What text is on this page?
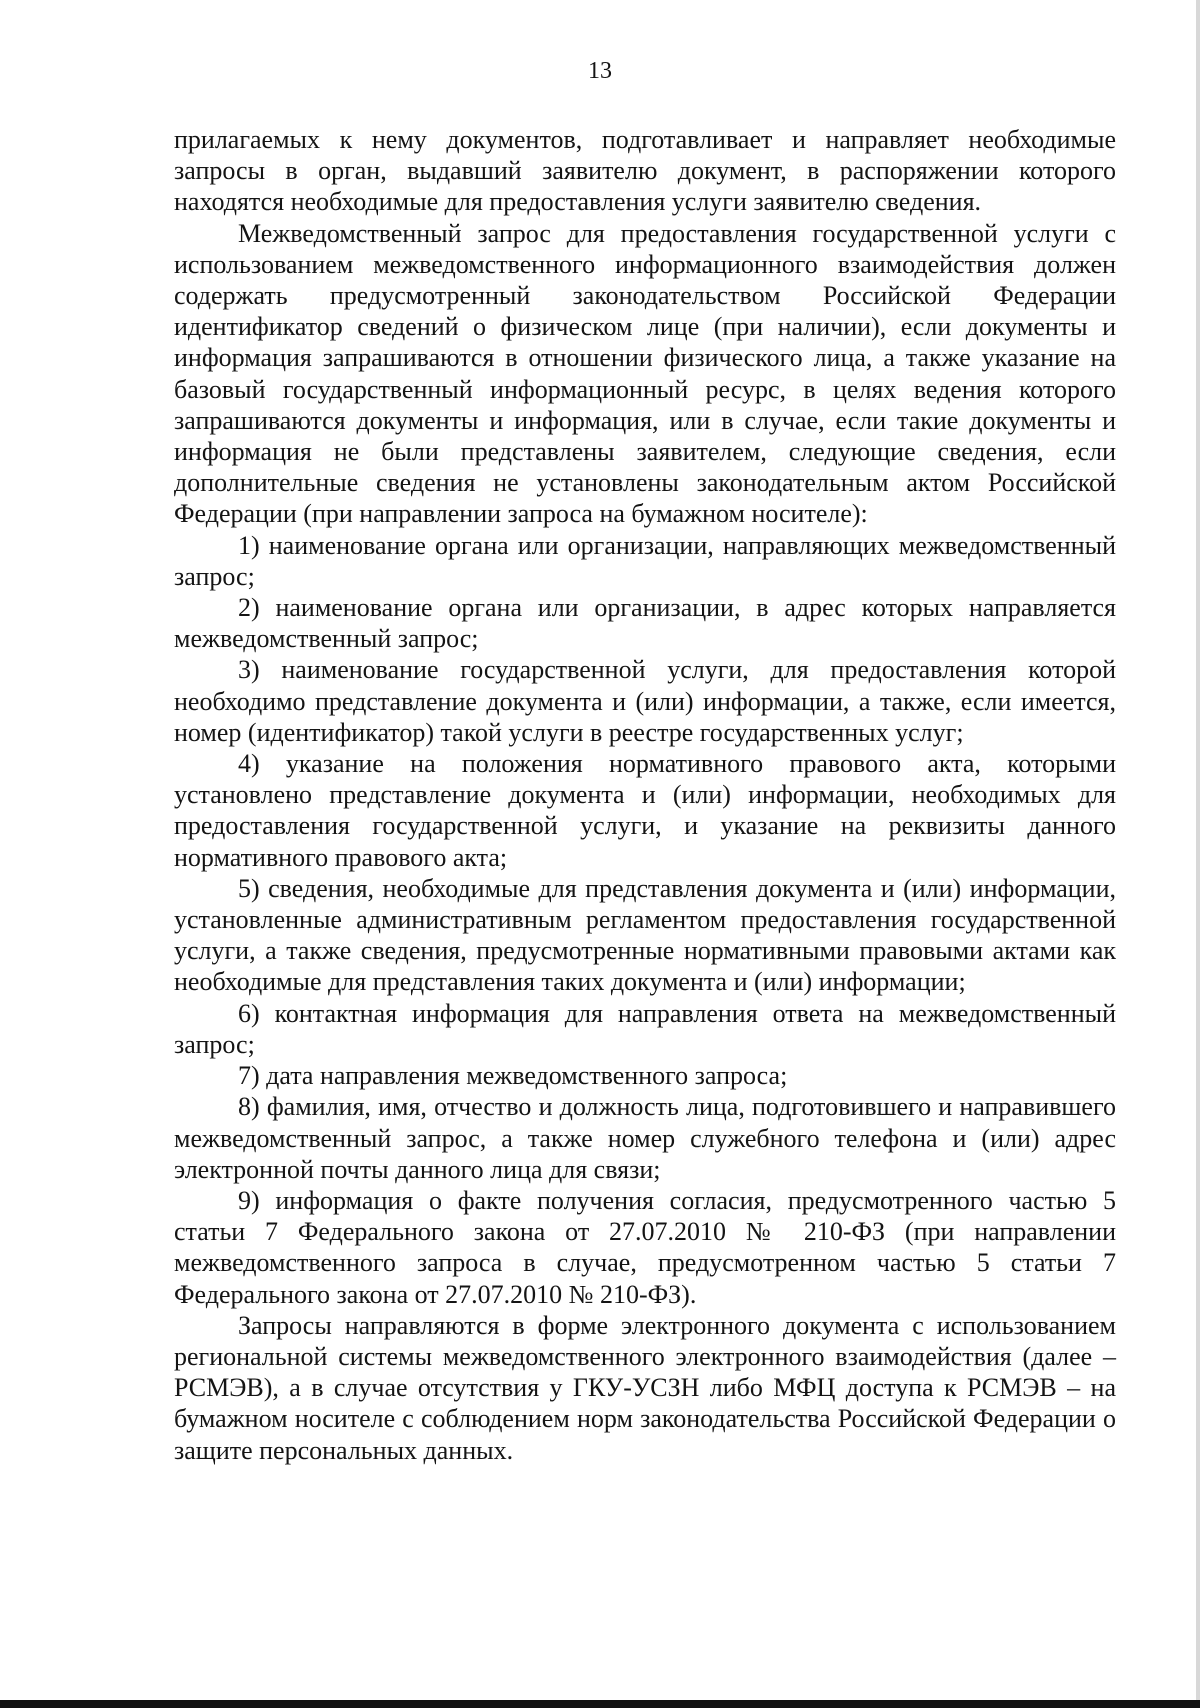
13

прилагаемых к нему документов, подготавливает и направляет необходимые запросы в орган, выдавший заявителю документ, в распоряжении которого находятся необходимые для предоставления услуги заявителю сведения.

Межведомственный запрос для предоставления государственной услуги с использованием межведомственного информационного взаимодействия должен содержать предусмотренный законодательством Российской Федерации идентификатор сведений о физическом лице (при наличии), если документы и информация запрашиваются в отношении физического лица, а также указание на базовый государственный информационный ресурс, в целях ведения которого запрашиваются документы и информация, или в случае, если такие документы и информация не были представлены заявителем, следующие сведения, если дополнительные сведения не установлены законодательным актом Российской Федерации (при направлении запроса на бумажном носителе):

1) наименование органа или организации, направляющих межведомственный запрос;

2) наименование органа или организации, в адрес которых направляется межведомственный запрос;

3) наименование государственной услуги, для предоставления которой необходимо представление документа и (или) информации, а также, если имеется, номер (идентификатор) такой услуги в реестре государственных услуг;

4) указание на положения нормативного правового акта, которыми установлено представление документа и (или) информации, необходимых для предоставления государственной услуги, и указание на реквизиты данного нормативного правового акта;

5) сведения, необходимые для представления документа и (или) информации, установленные административным регламентом предоставления государственной услуги, а также сведения, предусмотренные нормативными правовыми актами как необходимые для представления таких документа и (или) информации;

6) контактная информация для направления ответа на межведомственный запрос;

7) дата направления межведомственного запроса;

8) фамилия, имя, отчество и должность лица, подготовившего и направившего межведомственный запрос, а также номер служебного телефона и (или) адрес электронной почты данного лица для связи;

9) информация о факте получения согласия, предусмотренного частью 5 статьи 7 Федерального закона от 27.07.2010 № 210-ФЗ (при направлении межведомственного запроса в случае, предусмотренном частью 5 статьи 7 Федерального закона от 27.07.2010 № 210-ФЗ).

Запросы направляются в форме электронного документа с использованием региональной системы межведомственного электронного взаимодействия (далее – РСМЭВ), а в случае отсутствия у ГКУ-УСЗН либо МФЦ доступа к РСМЭВ – на бумажном носителе с соблюдением норм законодательства Российской Федерации о защите персональных данных.
